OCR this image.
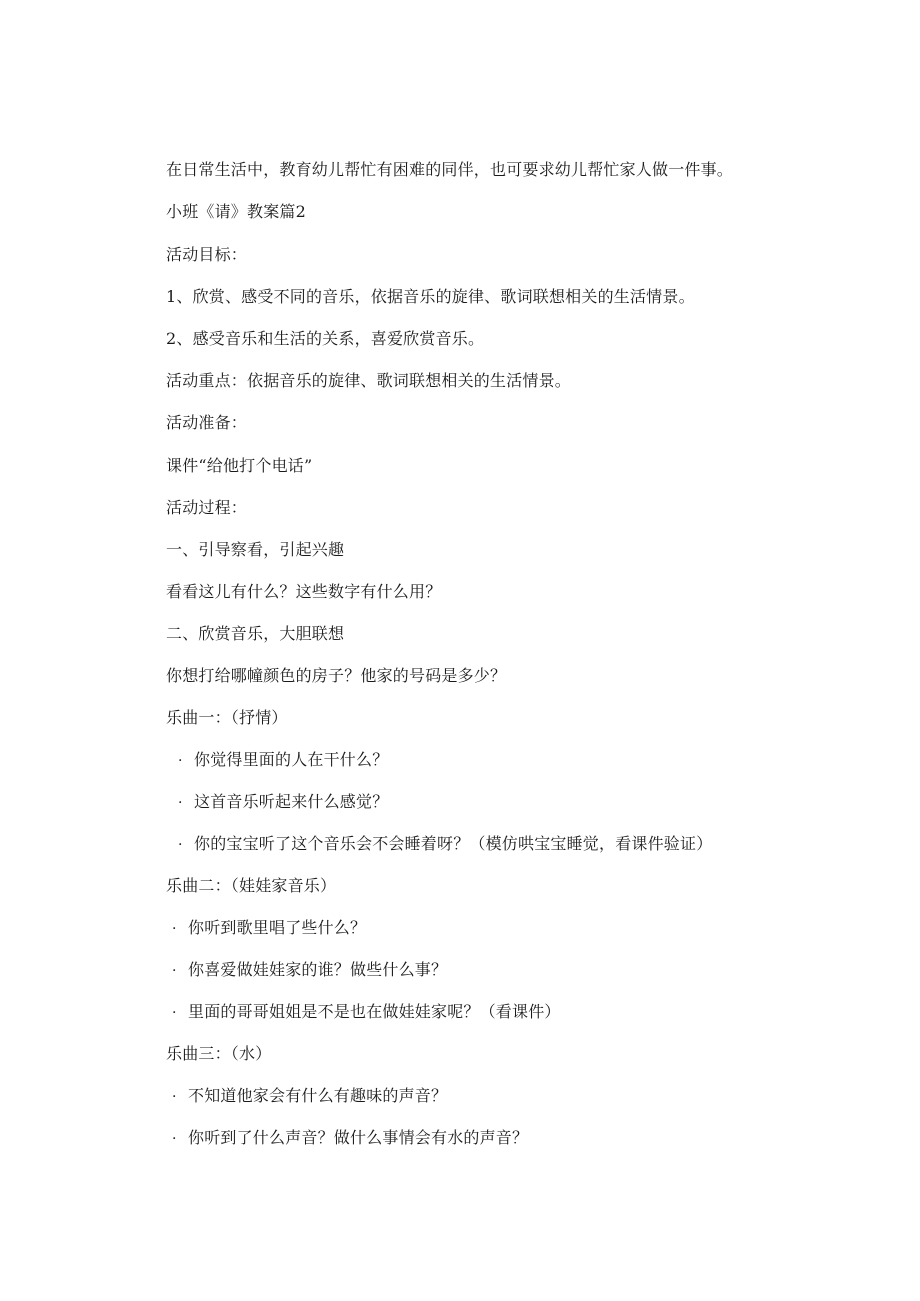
在日常生活中，教育幼儿帮忙有困难的同伴，也可要求幼儿帮忙家人做一件事。
小班《请》教案篇2
活动目标：
1、欣赏、感受不同的音乐，依据音乐的旋律、歌词联想相关的生活情景。
2、感受音乐和生活的关系，喜爱欣赏音乐。
活动重点：依据音乐的旋律、歌词联想相关的生活情景。
活动准备：
课件“给他打个电话”
活动过程：
一、引导察看，引起兴趣
看看这儿有什么？这些数字有什么用？
二、欣赏音乐，大胆联想
你想打给哪幢颜色的房子？他家的号码是多少？
乐曲一：（抒情）
· 你觉得里面的人在干什么？
· 这首音乐听起来什么感觉？
· 你的宝宝听了这个音乐会不会睡着呀？（模仿哄宝宝睡觉，看课件验证）
乐曲二：（娃娃家音乐）
· 你听到歌里唱了些什么？
· 你喜爱做娃娃家的谁？做些什么事？
· 里面的哥哥姐姐是不是也在做娃娃家呢？（看课件）
乐曲三：（水）
· 不知道他家会有什么有趣味的声音？
· 你听到了什么声音？做什么事情会有水的声音？
